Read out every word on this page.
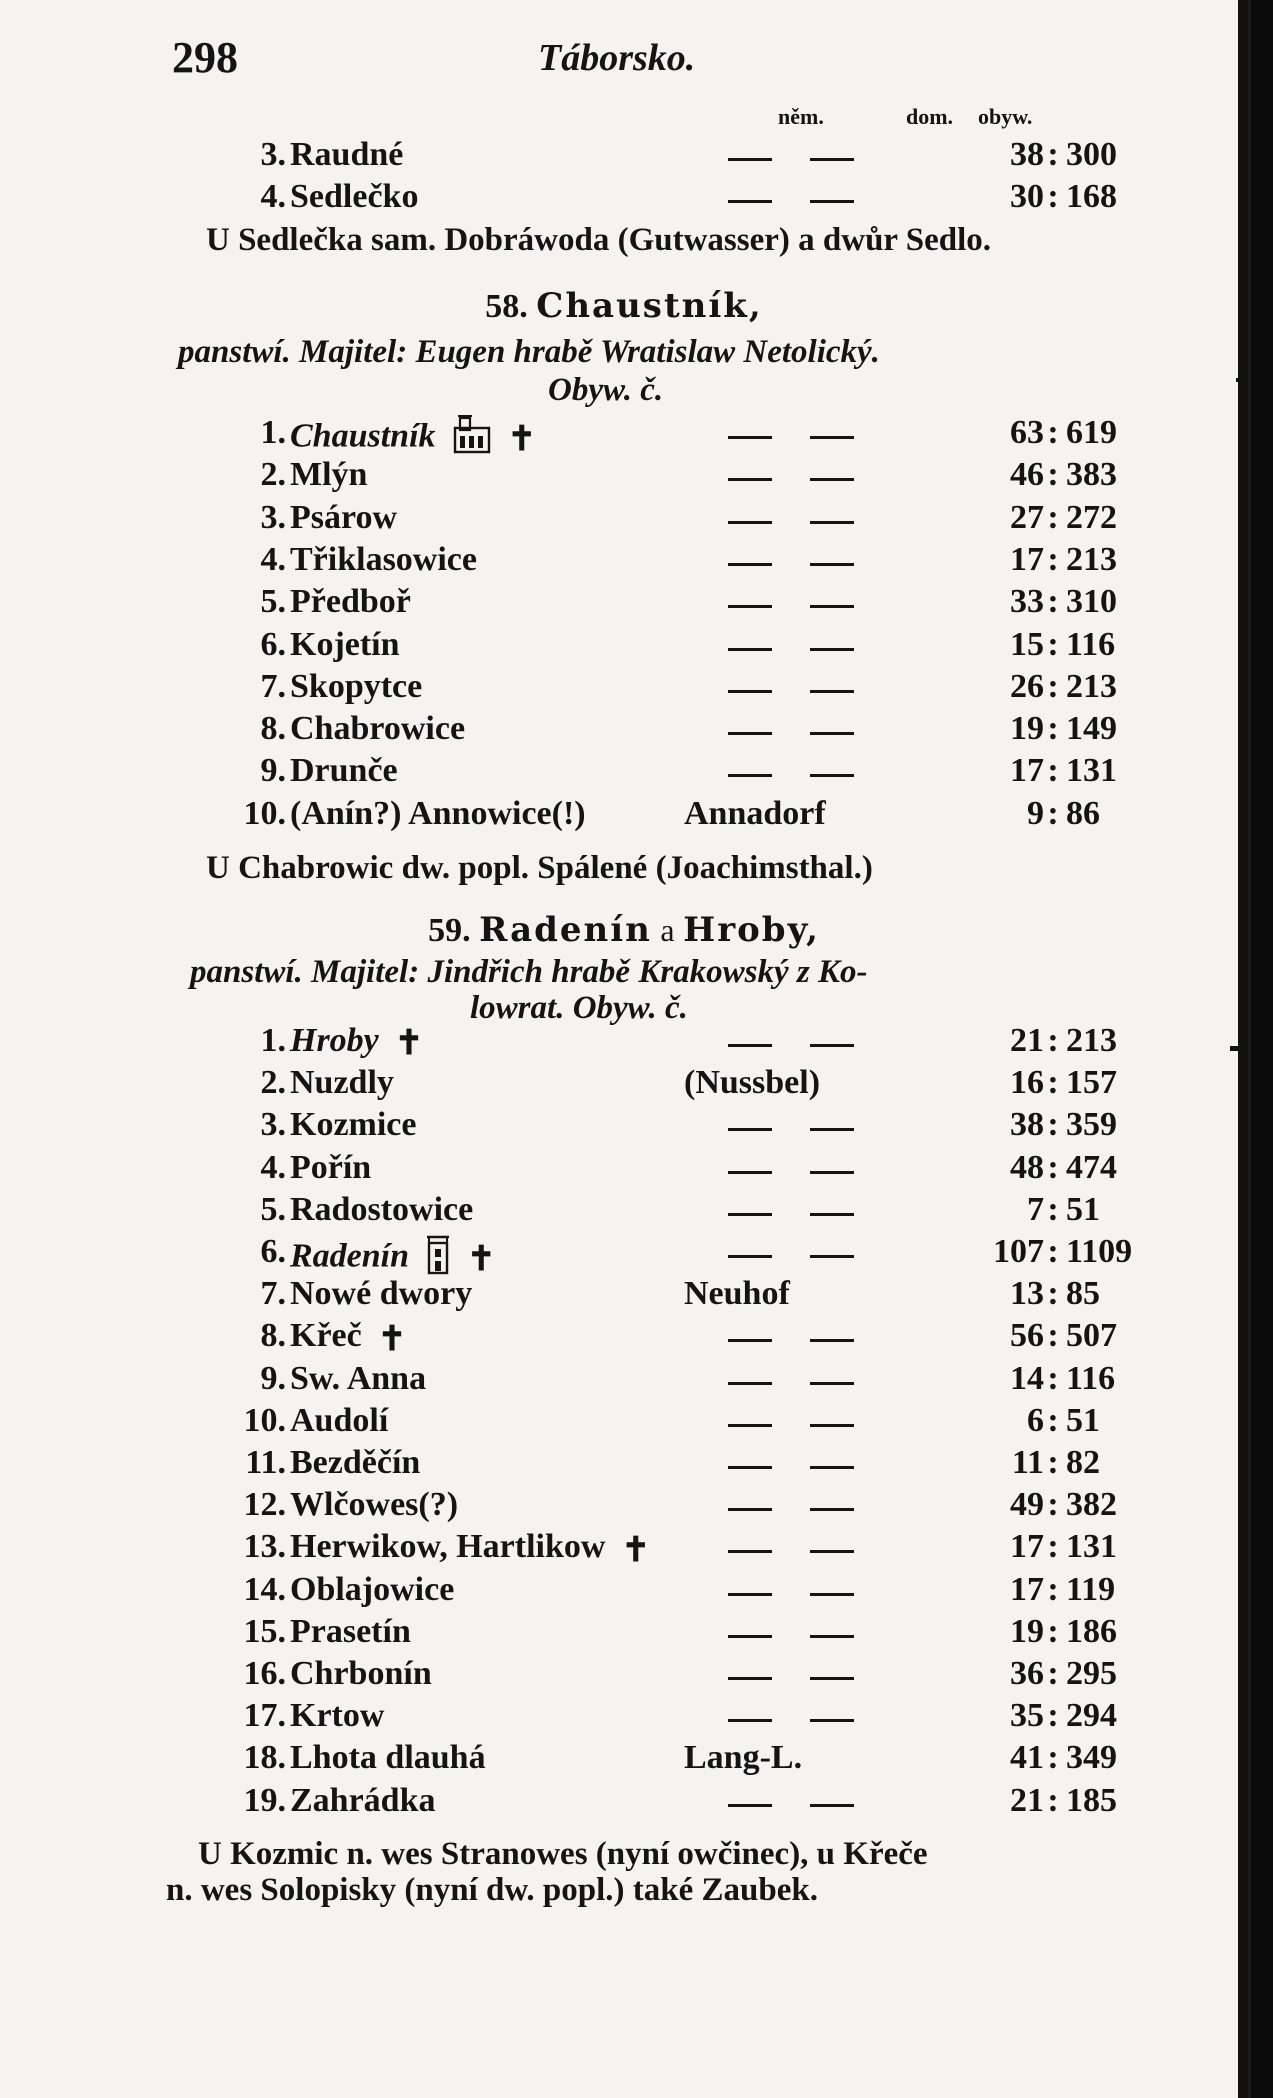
298	Táborsko.
něm.	dom. obyw.
3. Raudné	38 : 300
4. Sedlečko	30 : 168
U Sedlečka sam. Dobráwoda (Gutwasser) a dwůr Sedlo.
58. Chaustník,
panstwí. Majitel: Eugen hrabě Wratislaw Netolický.
Obyw. č.
1. Chaustník ✝	63 : 619
2. Mlýn	46 : 383
3. Psárow	27 : 272
4. Třiklasowice	17 : 213
5. Předboř	33 : 310
6. Kojetín	15 : 116
7. Skopytce	26 : 213
8. Chabrowice	19 : 149
9. Drunče	17 : 131
10. (Anín?) Annowice(!)	Annadorf	9 : 86
U Chabrowic dw. popl. Spálené (Joachimsthal.)
59. Radenín a Hroby,
panstwí. Majitel: Jindřich hrabě Krakowský z Ko-
lowrat. Obyw. č.
1. Hroby ✝	21 : 213
2. Nuzdly	(Nussbel)	16 : 157
3. Kozmice	38 : 359
4. Pořín	48 : 474
5. Radostowice	7 : 51
6. Radenín ✝	107 : 1109
7. Nowé dwory	Neuhof	13 : 85
8. Křeč ✝	56 : 507
9. Sw. Anna	14 : 116
10. Audolí	6 : 51
11. Bezděčín	11 : 82
12. Wlčowes(?)	49 : 382
13. Herwikow, Hartlikow ✝	17 : 131
14. Oblajowice	17 : 119
15. Prasetín	19 : 186
16. Chrbonín	36 : 295
17. Krtow	35 : 294
18. Lhota dlauhá	Lang-L.	41 : 349
19. Zahrádka	21 : 185
U Kozmic n. wes Stranowes (nyní owčinec), u Křeče
n. wes Solopisky (nyní dw. popl.) také Zaubek.
